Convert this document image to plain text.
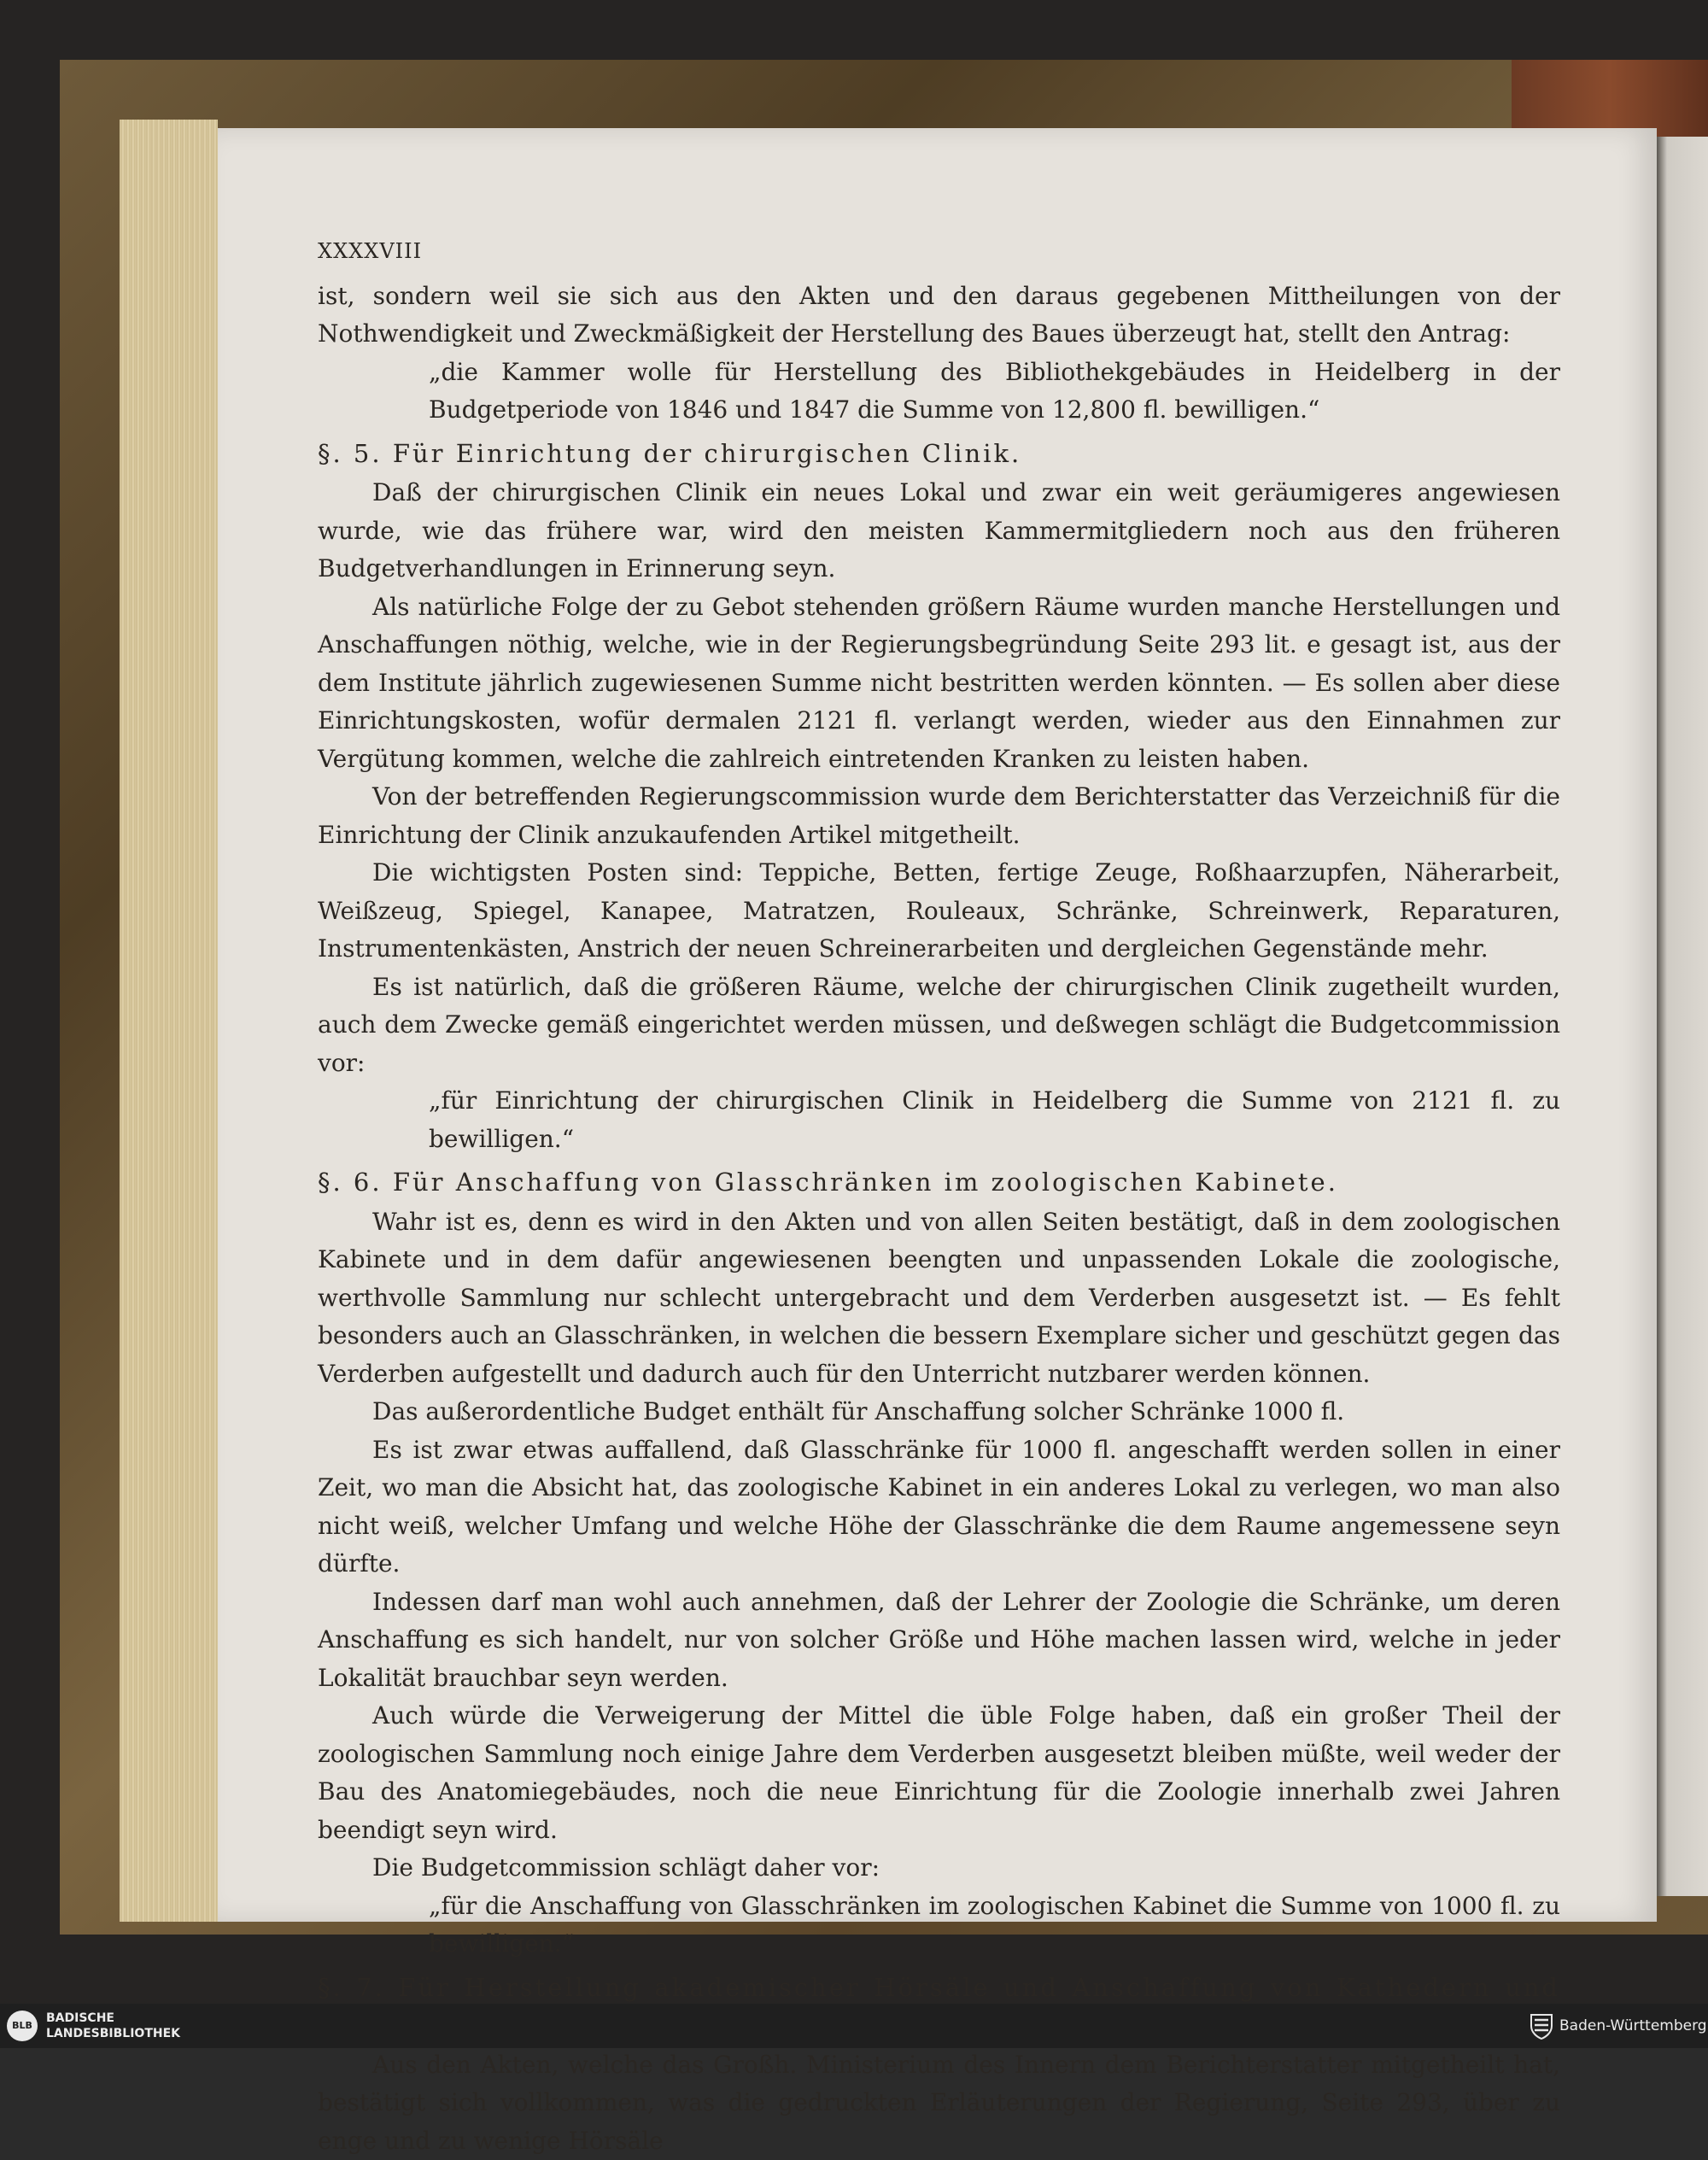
XXXXVIII

ist, sondern weil sie sich aus den Akten und den daraus gegebenen Mittheilungen von der Nothwendigkeit und Zweckmäßigkeit der Herstellung des Baues überzeugt hat, stellt den Antrag:

„die Kammer wolle für Herstellung des Bibliothekgebäudes in Heidelberg in der Budgetperiode von 1846 und 1847 die Summe von 12,800 fl. bewilligen.“

§. 5. Für Einrichtung der chirurgischen Clinik.

Daß der chirurgischen Clinik ein neues Lokal und zwar ein weit geräumigeres angewiesen wurde, wie das frühere war, wird den meisten Kammermitgliedern noch aus den früheren Budgetverhandlungen in Erinnerung seyn.

Als natürliche Folge der zu Gebot stehenden größern Räume wurden manche Herstellungen und Anschaffungen nöthig, welche, wie in der Regierungsbegründung Seite 293 lit. e gesagt ist, aus der dem Institute jährlich zugewiesenen Summe nicht bestritten werden könnten. — Es sollen aber diese Einrichtungskosten, wofür dermalen 2121 fl. verlangt werden, wieder aus den Einnahmen zur Vergütung kommen, welche die zahlreich eintretenden Kranken zu leisten haben.

Von der betreffenden Regierungscommission wurde dem Berichterstatter das Verzeichniß für die Einrichtung der Clinik anzukaufenden Artikel mitgetheilt.

Die wichtigsten Posten sind: Teppiche, Betten, fertige Zeuge, Roßhaarzupfen, Näherarbeit, Weißzeug, Spiegel, Kanapee, Matratzen, Rouleaux, Schränke, Schreinwerk, Reparaturen, Instrumentenkästen, Anstrich der neuen Schreinerarbeiten und dergleichen Gegenstände mehr.

Es ist natürlich, daß die größeren Räume, welche der chirurgischen Clinik zugetheilt wurden, auch dem Zwecke gemäß eingerichtet werden müssen, und deßwegen schlägt die Budgetcommission vor:

„für Einrichtung der chirurgischen Clinik in Heidelberg die Summe von 2121 fl. zu bewilligen.“

§. 6. Für Anschaffung von Glasschränken im zoologischen Kabinete.

Wahr ist es, denn es wird in den Akten und von allen Seiten bestätigt, daß in dem zoologischen Kabinete und in dem dafür angewiesenen beengten und unpassenden Lokale die zoologische, werthvolle Sammlung nur schlecht untergebracht und dem Verderben ausgesetzt ist. — Es fehlt besonders auch an Glasschränken, in welchen die bessern Exemplare sicher und geschützt gegen das Verderben aufgestellt und dadurch auch für den Unterricht nutzbarer werden können.

Das außerordentliche Budget enthält für Anschaffung solcher Schränke 1000 fl.

Es ist zwar etwas auffallend, daß Glasschränke für 1000 fl. angeschafft werden sollen in einer Zeit, wo man die Absicht hat, das zoologische Kabinet in ein anderes Lokal zu verlegen, wo man also nicht weiß, welcher Umfang und welche Höhe der Glasschränke die dem Raume angemessene seyn dürfte.

Indessen darf man wohl auch annehmen, daß der Lehrer der Zoologie die Schränke, um deren Anschaffung es sich handelt, nur von solcher Größe und Höhe machen lassen wird, welche in jeder Lokalität brauchbar seyn werden.

Auch würde die Verweigerung der Mittel die üble Folge haben, daß ein großer Theil der zoologischen Sammlung noch einige Jahre dem Verderben ausgesetzt bleiben müßte, weil weder der Bau des Anatomiegebäudes, noch die neue Einrichtung für die Zoologie innerhalb zwei Jahren beendigt seyn wird.

Die Budgetcommission schlägt daher vor:

„für die Anschaffung von Glasschränken im zoologischen Kabinet die Summe von 1000 fl. zu bewilligen.“

§. 7. Für Herstellung akademischer Hörsäle und Anschaffung von Kathedern und

Aus den Akten, welche das Großh. Ministerium des Innern dem Berichterstatter mitgetheilt hat, bestätigt sich vollkommen, was die gedruckten Erläuterungen der Regierung, Seite 293, über zu enge und zu wenige Hörsäle

BLB
BADISCHE
LANDESBIBLIOTHEK	Baden-Württemberg
